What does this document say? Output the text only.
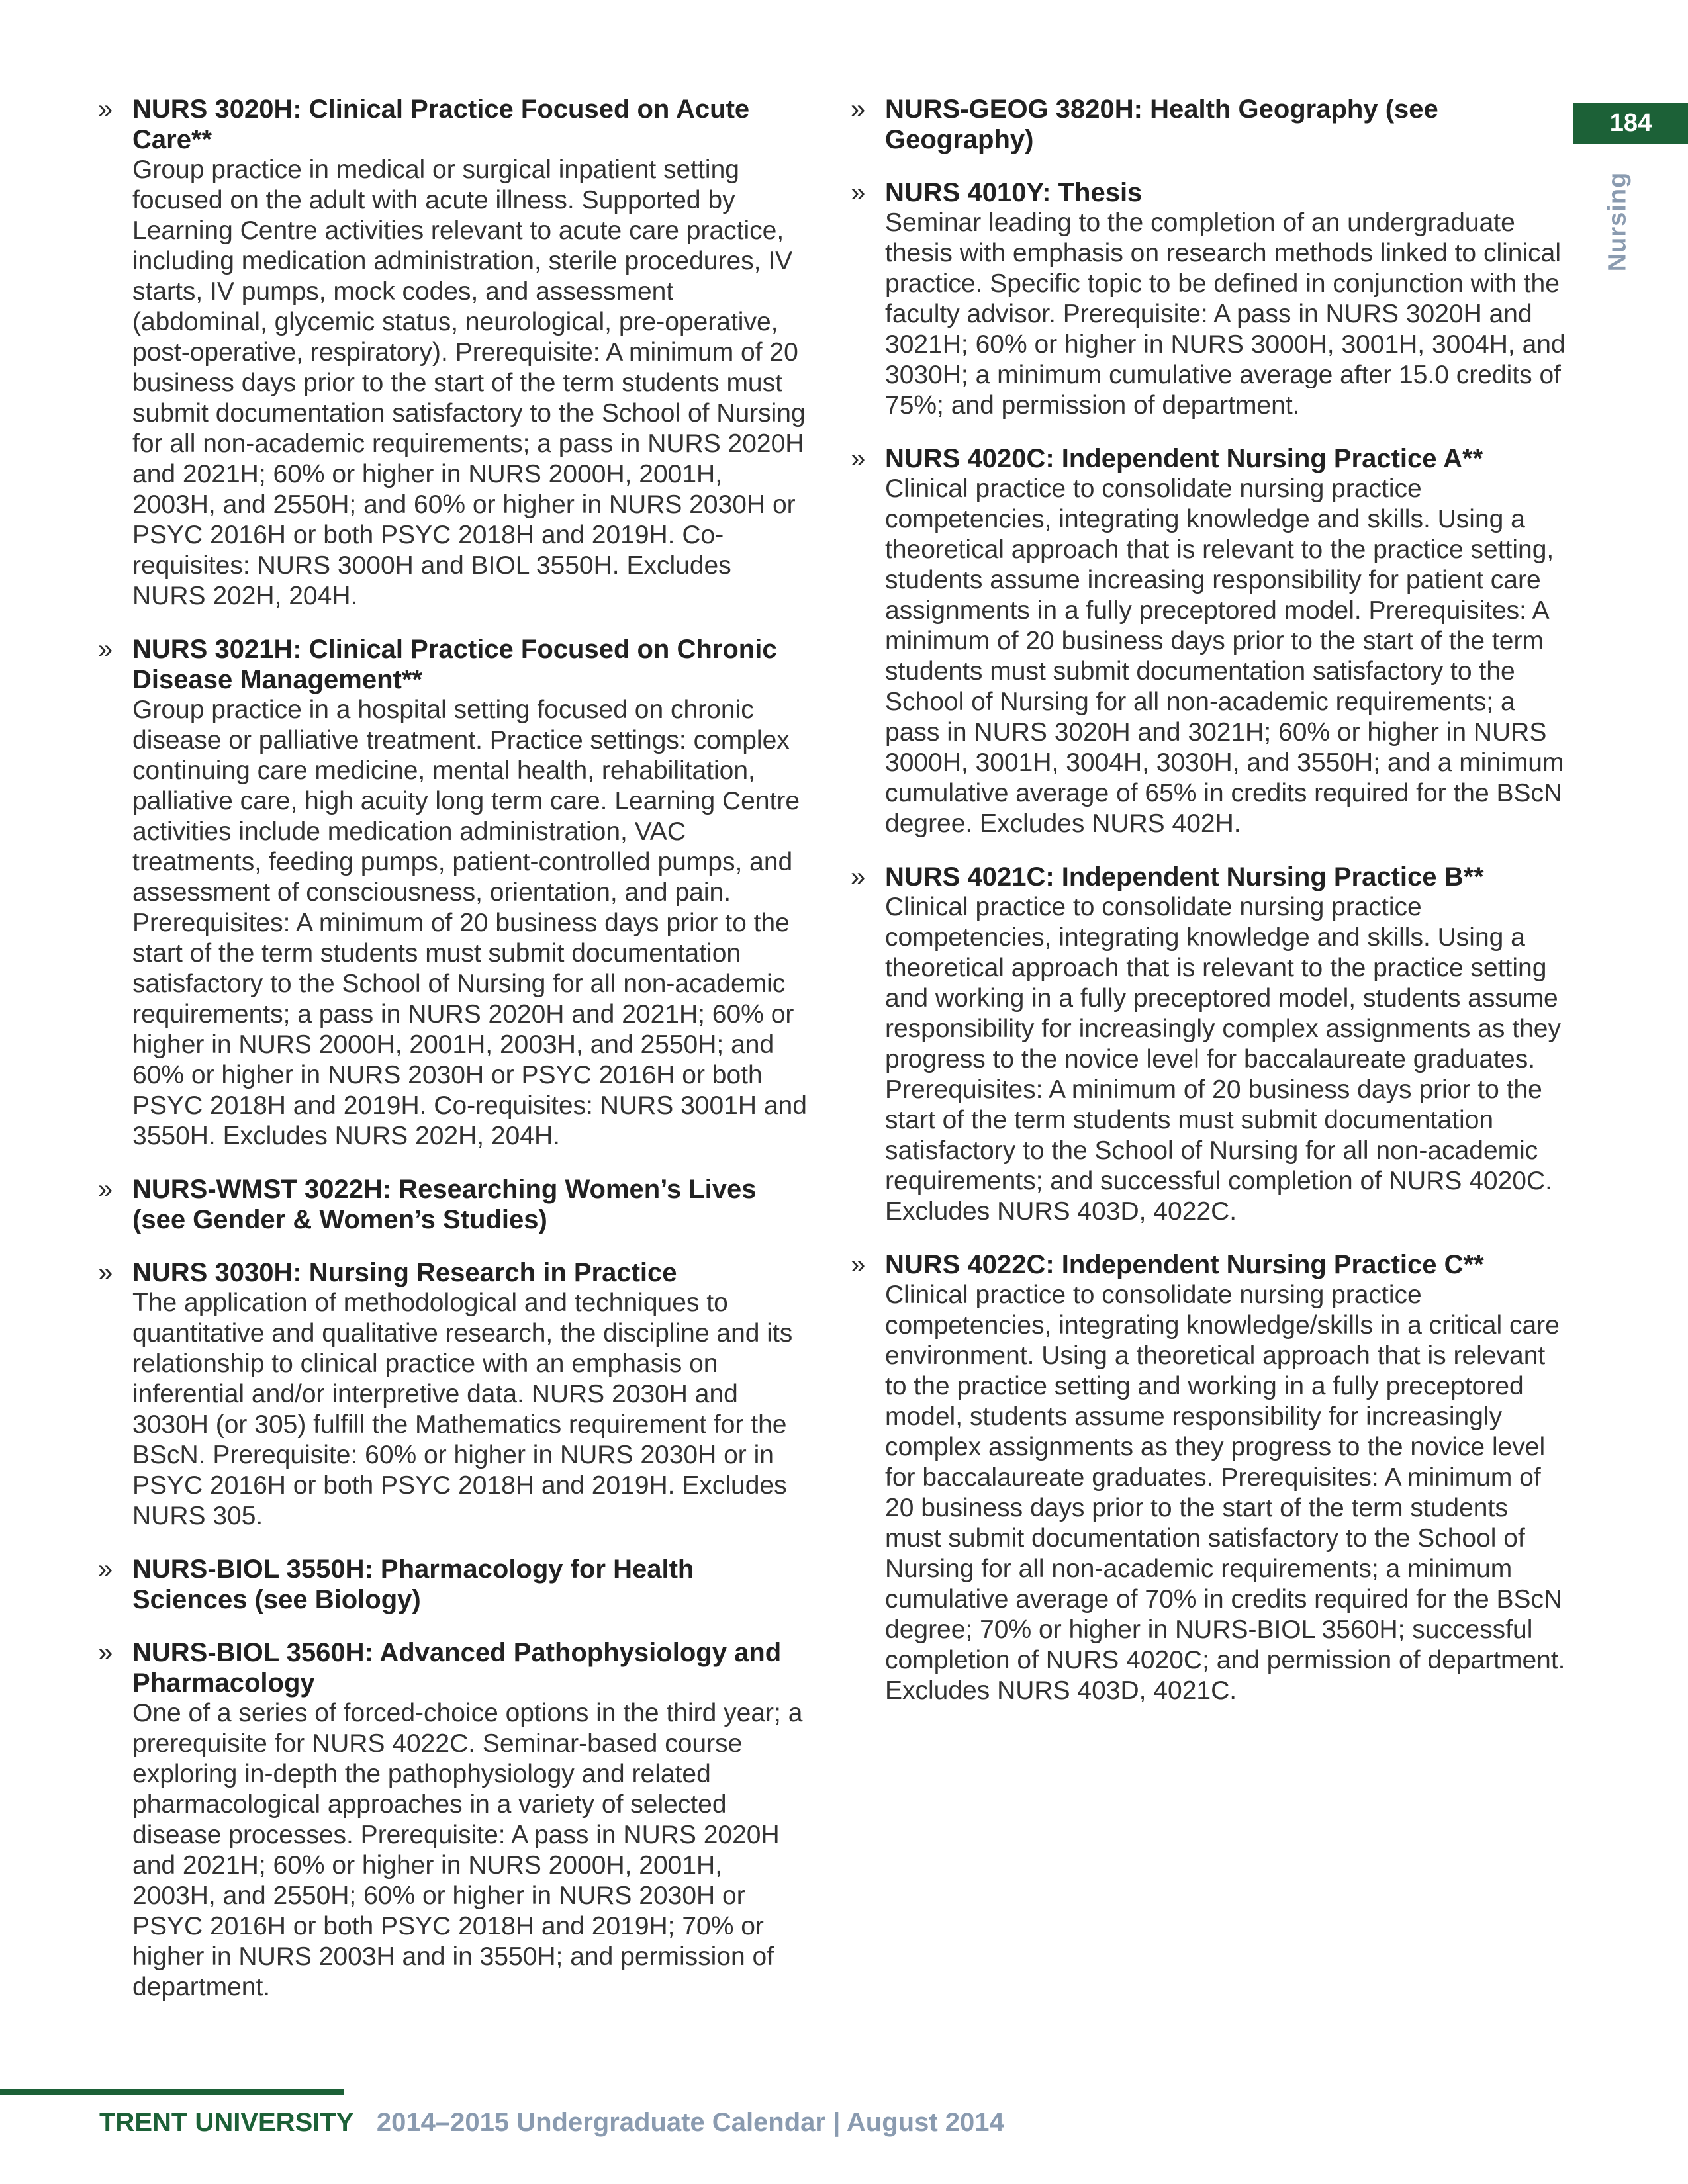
» NURS 3020H: Clinical Practice Focused on Acute Care**
Group practice in medical or surgical inpatient setting focused on the adult with acute illness. Supported by Learning Centre activities relevant to acute care practice, including medication administration, sterile procedures, IV starts, IV pumps, mock codes, and assessment (abdominal, glycemic status, neurological, pre-operative, post-operative, respiratory). Prerequisite: A minimum of 20 business days prior to the start of the term students must submit documentation satisfactory to the School of Nursing for all non-academic requirements; a pass in NURS 2020H and 2021H; 60% or higher in NURS 2000H, 2001H, 2003H, and 2550H; and 60% or higher in NURS 2030H or PSYC 2016H or both PSYC 2018H and 2019H. Co-requisites: NURS 3000H and BIOL 3550H. Excludes NURS 202H, 204H.
» NURS 3021H: Clinical Practice Focused on Chronic Disease Management**
Group practice in a hospital setting focused on chronic disease or palliative treatment. Practice settings: complex continuing care medicine, mental health, rehabilitation, palliative care, high acuity long term care. Learning Centre activities include medication administration, VAC treatments, feeding pumps, patient-controlled pumps, and assessment of consciousness, orientation, and pain. Prerequisites: A minimum of 20 business days prior to the start of the term students must submit documentation satisfactory to the School of Nursing for all non-academic requirements; a pass in NURS 2020H and 2021H; 60% or higher in NURS 2000H, 2001H, 2003H, and 2550H; and 60% or higher in NURS 2030H or PSYC 2016H or both PSYC 2018H and 2019H. Co-requisites: NURS 3001H and 3550H. Excludes NURS 202H, 204H.
» NURS-WMST 3022H: Researching Women’s Lives (see Gender & Women’s Studies)
» NURS 3030H: Nursing Research in Practice
The application of methodological and techniques to quantitative and qualitative research, the discipline and its relationship to clinical practice with an emphasis on inferential and/or interpretive data. NURS 2030H and 3030H (or 305) fulfill the Mathematics requirement for the BScN. Prerequisite: 60% or higher in NURS 2030H or in PSYC 2016H or both PSYC 2018H and 2019H. Excludes NURS 305.
» NURS-BIOL 3550H: Pharmacology for Health Sciences (see Biology)
» NURS-BIOL 3560H: Advanced Pathophysiology and Pharmacology
One of a series of forced-choice options in the third year; a prerequisite for NURS 4022C. Seminar-based course exploring in-depth the pathophysiology and related pharmacological approaches in a variety of selected disease processes. Prerequisite: A pass in NURS 2020H and 2021H; 60% or higher in NURS 2000H, 2001H, 2003H, and 2550H; 60% or higher in NURS 2030H or PSYC 2016H or both PSYC 2018H and 2019H; 70% or higher in NURS 2003H and in 3550H; and permission of department.
» NURS-GEOG 3820H: Health Geography (see Geography)
» NURS 4010Y: Thesis
Seminar leading to the completion of an undergraduate thesis with emphasis on research methods linked to clinical practice. Specific topic to be defined in conjunction with the faculty advisor. Prerequisite: A pass in NURS 3020H and 3021H; 60% or higher in NURS 3000H, 3001H, 3004H, and 3030H; a minimum cumulative average after 15.0 credits of 75%; and permission of department.
» NURS 4020C: Independent Nursing Practice A**
Clinical practice to consolidate nursing practice competencies, integrating knowledge and skills. Using a theoretical approach that is relevant to the practice setting, students assume increasing responsibility for patient care assignments in a fully preceptored model. Prerequisites: A minimum of 20 business days prior to the start of the term students must submit documentation satisfactory to the School of Nursing for all non-academic requirements; a pass in NURS 3020H and 3021H; 60% or higher in NURS 3000H, 3001H, 3004H, 3030H, and 3550H; and a minimum cumulative average of 65% in credits required for the BScN degree. Excludes NURS 402H.
» NURS 4021C: Independent Nursing Practice B**
Clinical practice to consolidate nursing practice competencies, integrating knowledge and skills. Using a theoretical approach that is relevant to the practice setting and working in a fully preceptored model, students assume responsibility for increasingly complex assignments as they progress to the novice level for baccalaureate graduates. Prerequisites: A minimum of 20 business days prior to the start of the term students must submit documentation satisfactory to the School of Nursing for all non-academic requirements; and successful completion of NURS 4020C. Excludes NURS 403D, 4022C.
» NURS 4022C: Independent Nursing Practice C**
Clinical practice to consolidate nursing practice competencies, integrating knowledge/skills in a critical care environment. Using a theoretical approach that is relevant to the practice setting and working in a fully preceptored model, students assume responsibility for increasingly complex assignments as they progress to the novice level for baccalaureate graduates. Prerequisites: A minimum of 20 business days prior to the start of the term students must submit documentation satisfactory to the School of Nursing for all non-academic requirements; a minimum cumulative average of 70% in credits required for the BScN degree; 70% or higher in NURS-BIOL 3560H; successful completion of NURS 4020C; and permission of department. Excludes NURS 403D, 4021C.
184
Nursing
TRENT UNIVERSITY 2014–2015 Undergraduate Calendar | August 2014
